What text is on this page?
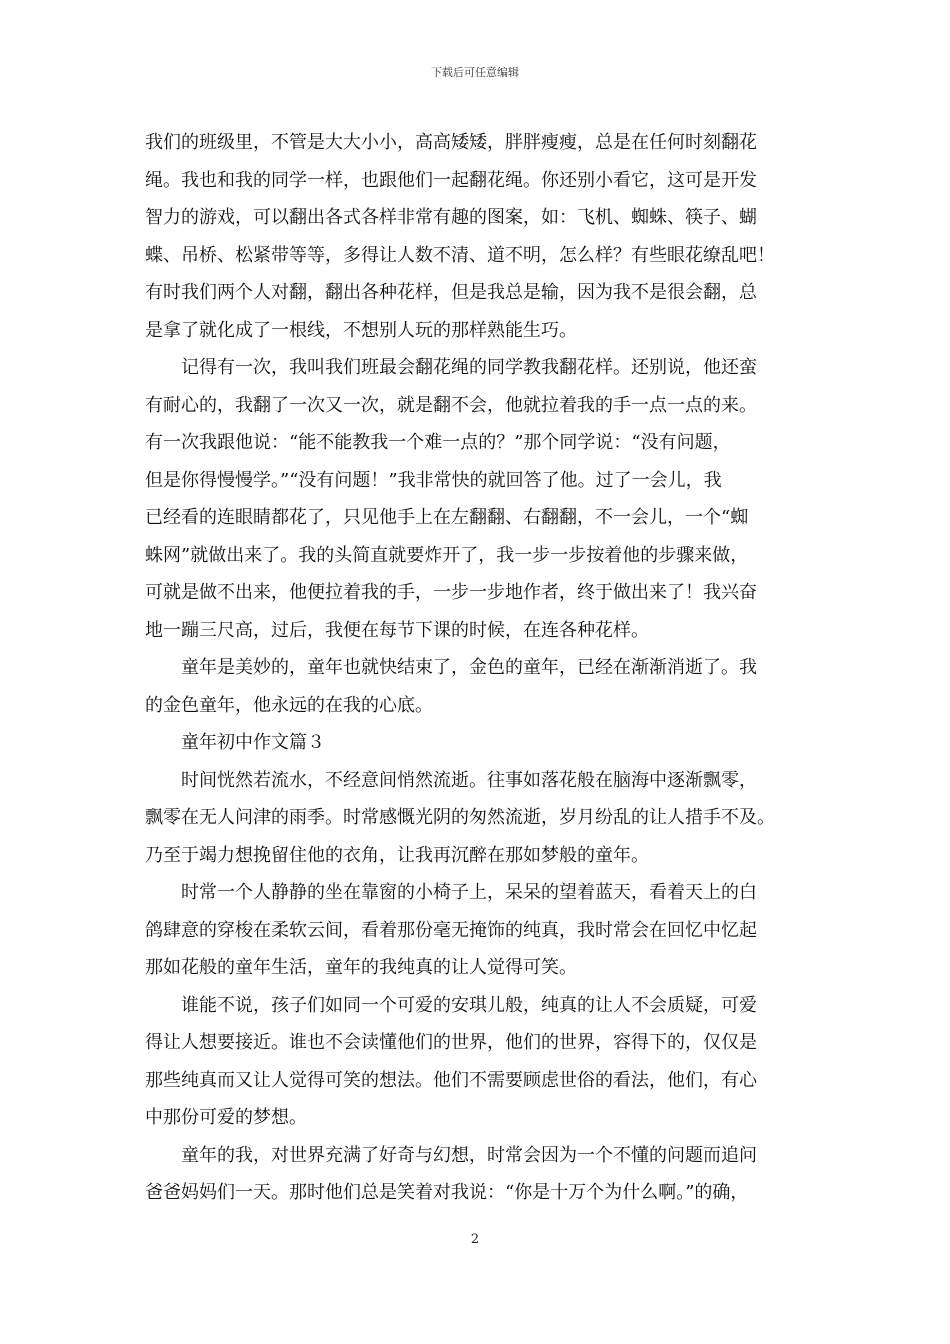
下载后可任意编辑
我们的班级里，不管是大大小小，高高矮矮，胖胖瘦瘦，总是在任何时刻翻花
绳。我也和我的同学一样，也跟他们一起翻花绳。你还别小看它，这可是开发
智力的游戏，可以翻出各式各样非常有趣的图案，如：飞机、蜘蛛、筷子、蝴
蝶、吊桥、松紧带等等，多得让人数不清、道不明，怎么样？有些眼花缭乱吧！
有时我们两个人对翻，翻出各种花样，但是我总是输，因为我不是很会翻，总
是拿了就化成了一根线，不想别人玩的那样熟能生巧。
记得有一次，我叫我们班最会翻花绳的同学教我翻花样。还别说，他还蛮
有耐心的，我翻了一次又一次，就是翻不会，他就拉着我的手一点一点的来。
有一次我跟他说：“能不能教我一个难一点的？”那个同学说：“没有问题，
但是你得慢慢学。”“没有问题！”我非常快的就回答了他。过了一会儿，我
已经看的连眼睛都花了，只见他手上在左翻翻、右翻翻，不一会儿，一个“蜘
蛛网”就做出来了。我的头简直就要炸开了，我一步一步按着他的步骤来做，
可就是做不出来，他便拉着我的手，一步一步地作者，终于做出来了！我兴奋
地一蹦三尺高，过后，我便在每节下课的时候，在连各种花样。
童年是美妙的，童年也就快结束了，金色的童年，已经在渐渐消逝了。我
的金色童年，他永远的在我的心底。
童年初中作文篇３
时间恍然若流水，不经意间悄然流逝。往事如落花般在脑海中逐渐飘零，
飘零在无人问津的雨季。时常感慨光阴的匆然流逝，岁月纷乱的让人措手不及。
乃至于竭力想挽留住他的衣角，让我再沉醉在那如梦般的童年。
时常一个人静静的坐在靠窗的小椅子上，呆呆的望着蓝天，看着天上的白
鸽肆意的穿梭在柔软云间，看着那份毫无掩饰的纯真，我时常会在回忆中忆起
那如花般的童年生活，童年的我纯真的让人觉得可笑。
谁能不说，孩子们如同一个可爱的安琪儿般，纯真的让人不会质疑，可爱
得让人想要接近。谁也不会读懂他们的世界，他们的世界，容得下的，仅仅是
那些纯真而又让人觉得可笑的想法。他们不需要顾虑世俗的看法，他们，有心
中那份可爱的梦想。
童年的我，对世界充满了好奇与幻想，时常会因为一个不懂的问题而追问
爸爸妈妈们一天。那时他们总是笑着对我说：“你是十万个为什么啊。”的确，
2
